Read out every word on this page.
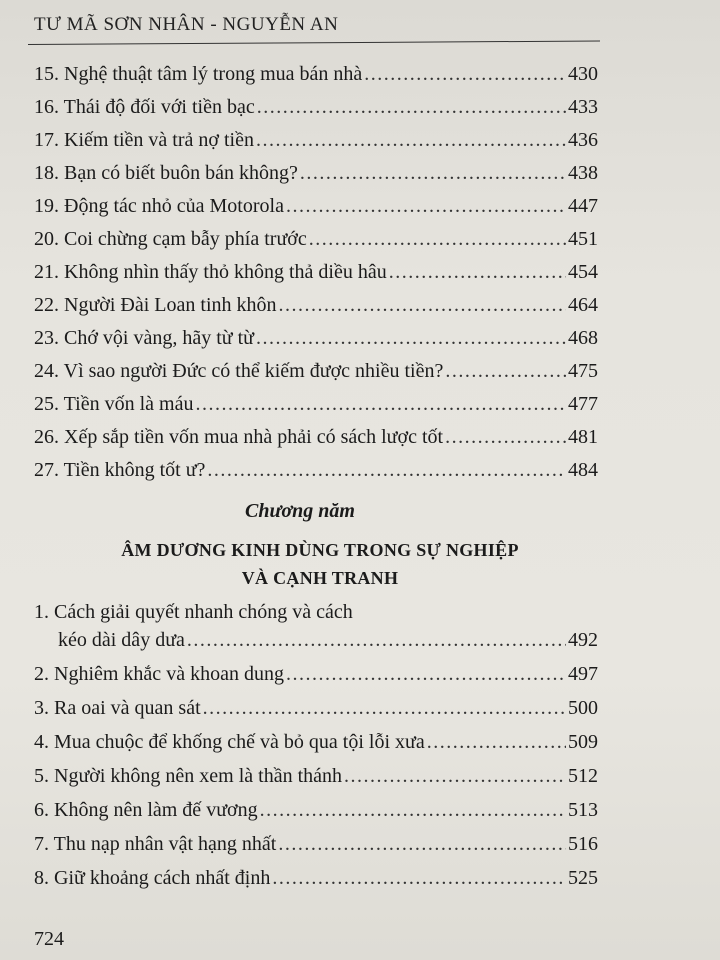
TƯ MÃ SƠN NHÂN - NGUYỄN AN
15. Nghệ thuật tâm lý trong mua bán nhà .....	430
16. Thái độ đối với tiền bạc .....	433
17. Kiếm tiền và trả nợ tiền .....	436
18. Bạn có biết buôn bán không? .....	438
19. Động tác nhỏ của Motorola .....	447
20. Coi chừng cạm bẫy phía trước .....	451
21. Không nhìn thấy thỏ không thả diều hâu .....	454
22. Người Đài Loan tinh khôn .....	464
23. Chớ vội vàng, hãy từ từ .....	468
24. Vì sao người Đức có thể kiếm được nhiều tiền? .....	475
25. Tiền vốn là máu .....	477
26. Xếp sắp tiền vốn mua nhà phải có sách lược tốt .....	481
27. Tiền không tốt ư? .....	484
Chương năm
ÂM DƯƠNG KINH DÙNG TRONG SỰ NGHIỆP
VÀ CẠNH TRANH
1. Cách giải quyết nhanh chóng và cách
kéo dài dây dưa .....	492
2. Nghiêm khắc và khoan dung .....	497
3. Ra oai và quan sát .....	500
4. Mua chuộc để khống chế và bỏ qua tội lỗi xưa .....	509
5. Người không nên xem là thần thánh .....	512
6. Không nên làm đế vương .....	513
7. Thu nạp nhân vật hạng nhất .....	516
8. Giữ khoảng cách nhất định .....	525
724
